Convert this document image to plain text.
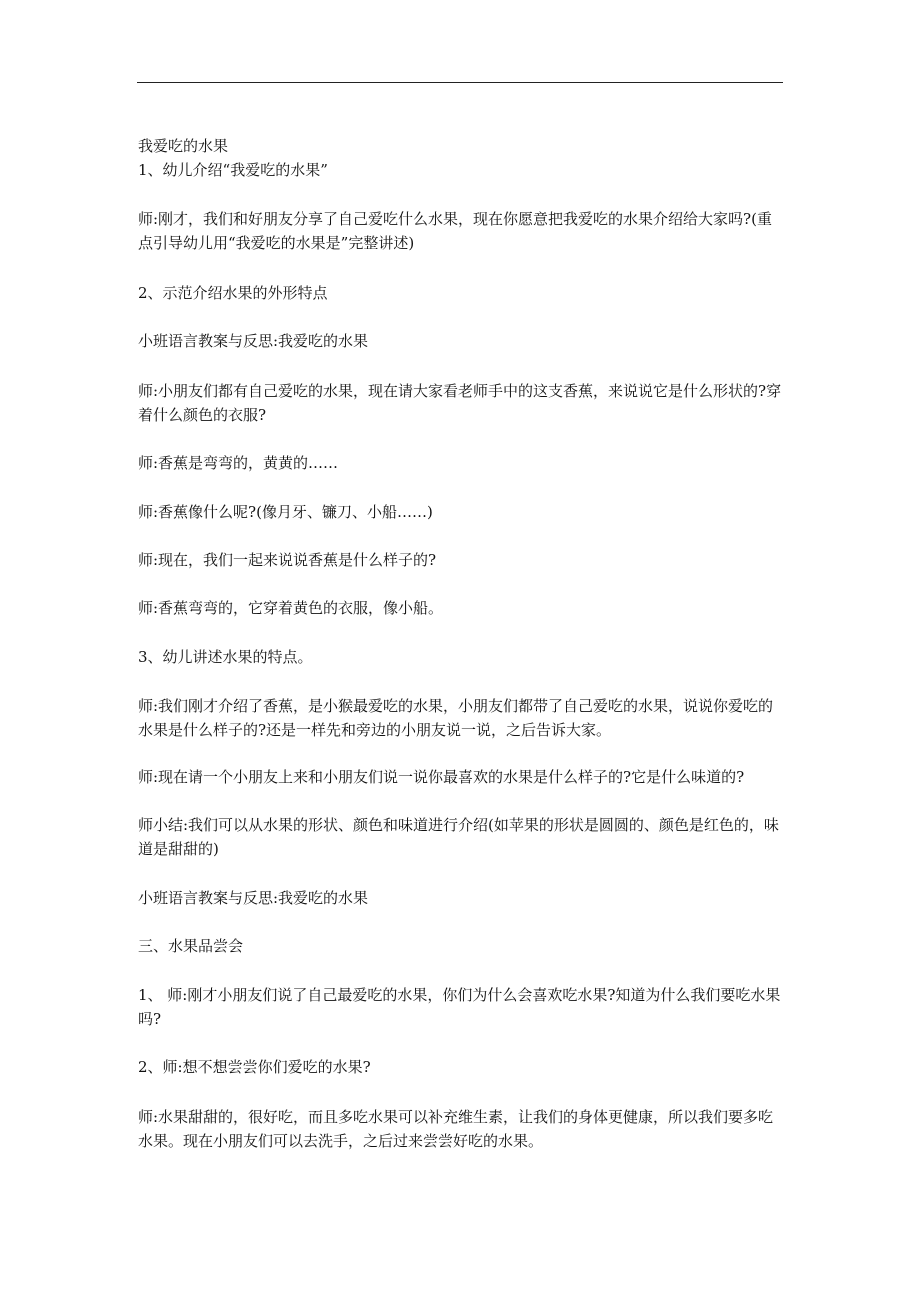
我爱吃的水果

1、幼儿介绍“我爱吃的水果”

师:刚才，我们和好朋友分享了自己爱吃什么水果，现在你愿意把我爱吃的水果介绍给大家吗?(重点引导幼儿用“我爱吃的水果是”完整讲述)

2、示范介绍水果的外形特点

小班语言教案与反思:我爱吃的水果

师:小朋友们都有自己爱吃的水果，现在请大家看老师手中的这支香蕉，来说说它是什么形状的?穿着什么颜色的衣服?

师:香蕉是弯弯的，黄黄的……

师:香蕉像什么呢?(像月牙、镰刀、小船……)

师:现在，我们一起来说说香蕉是什么样子的?

师:香蕉弯弯的，它穿着黄色的衣服，像小船。

3、幼儿讲述水果的特点。

师:我们刚才介绍了香蕉，是小猴最爱吃的水果，小朋友们都带了自己爱吃的水果，说说你爱吃的水果是什么样子的?还是一样先和旁边的小朋友说一说，之后告诉大家。

师:现在请一个小朋友上来和小朋友们说一说你最喜欢的水果是什么样子的?它是什么味道的?

师小结:我们可以从水果的形状、颜色和味道进行介绍(如苹果的形状是圆圆的、颜色是红色的，味道是甜甜的)

小班语言教案与反思:我爱吃的水果

三、水果品尝会

1、 师:刚才小朋友们说了自己最爱吃的水果，你们为什么会喜欢吃水果?知道为什么我们要吃水果吗?

2、师:想不想尝尝你们爱吃的水果?

师:水果甜甜的，很好吃，而且多吃水果可以补充维生素，让我们的身体更健康，所以我们要多吃水果。现在小朋友们可以去洗手，之后过来尝尝好吃的水果。
